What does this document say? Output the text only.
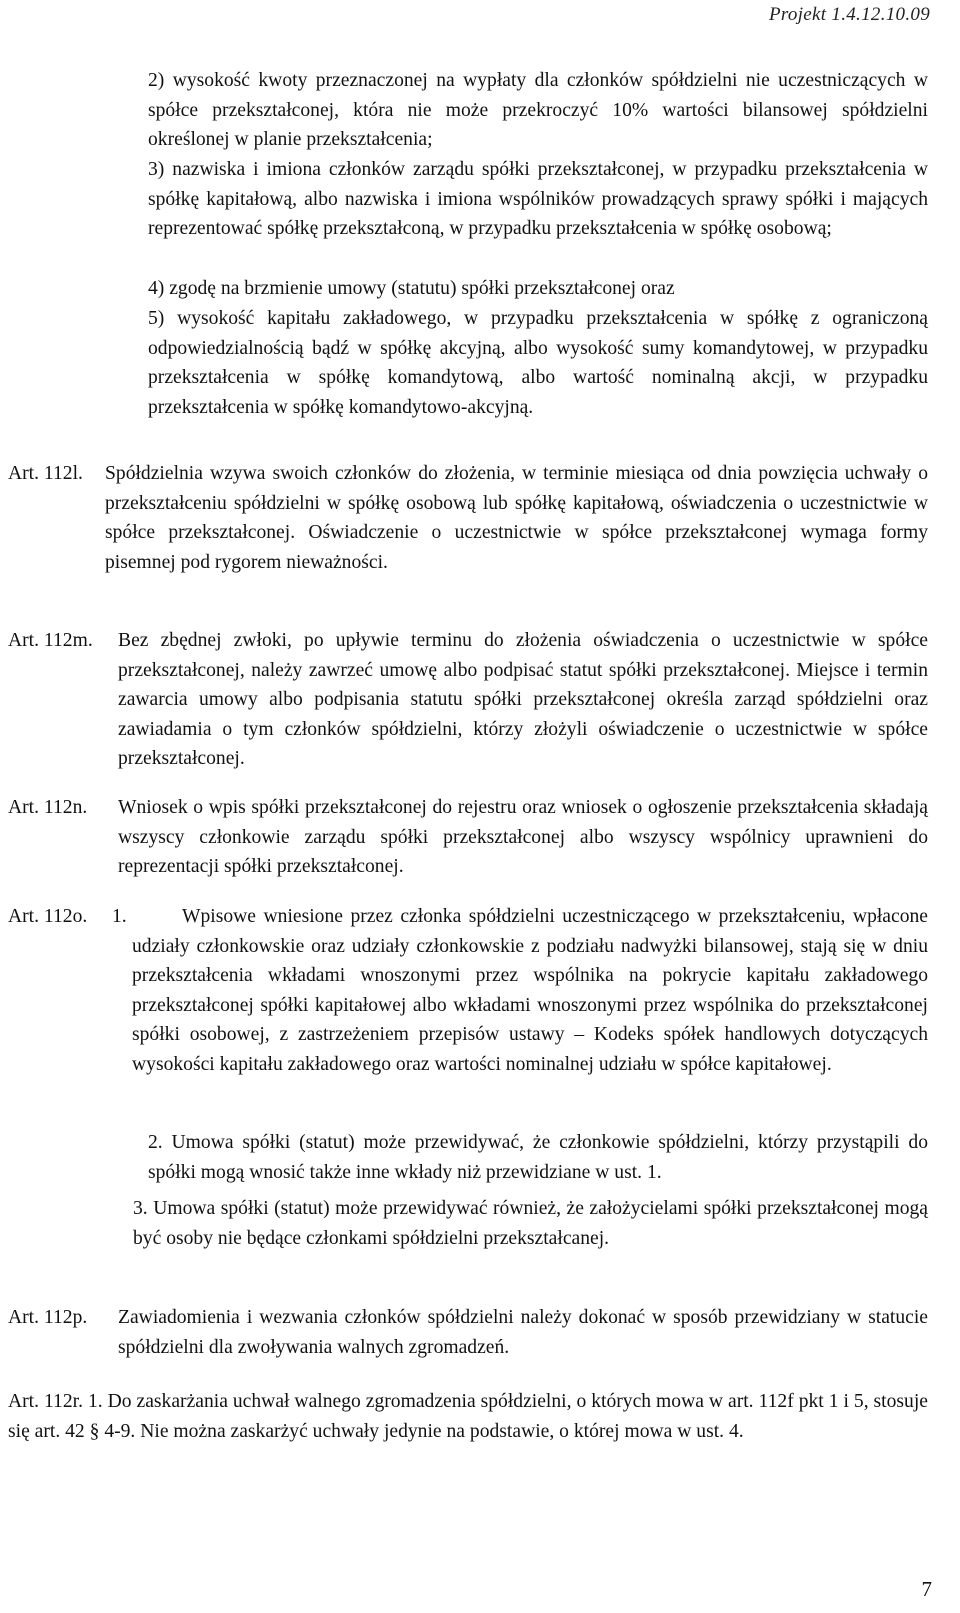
Projekt 1.4.12.10.09

2) wysokość kwoty przeznaczonej na wypłaty dla członków spółdzielni nie uczestniczących w spółce przekształconej, która nie może przekroczyć 10% wartości bilansowej spółdzielni określonej w planie przekształcenia;

3) nazwiska i imiona członków zarządu spółki przekształconej, w przypadku przekształcenia w spółkę kapitałową, albo nazwiska i imiona wspólników prowadzących sprawy spółki i mających reprezentować spółkę przekształconą, w przypadku przekształcenia w spółkę osobową;

4) zgodę na brzmienie umowy (statutu) spółki przekształconej oraz

5) wysokość kapitału zakładowego, w przypadku przekształcenia w spółkę z ograniczoną odpowiedzialnością bądź w spółkę akcyjną, albo wysokość sumy komandytowej, w przypadku przekształcenia w spółkę komandytową, albo wartość nominalną akcji, w przypadku przekształcenia w spółkę komandytowo-akcyjną.

Art. 112l. Spółdzielnia wzywa swoich członków do złożenia, w terminie miesiąca od dnia powzięcia uchwały o przekształceniu spółdzielni w spółkę osobową lub spółkę kapitałową, oświadczenia o uczestnictwie w spółce przekształconej. Oświadczenie o uczestnictwie w spółce przekształconej wymaga formy pisemnej pod rygorem nieważności.

Art. 112m. Bez zbędnej zwłoki, po upływie terminu do złożenia oświadczenia o uczestnictwie w spółce przekształconej, należy zawrzeć umowę albo podpisać statut spółki przekształconej. Miejsce i termin zawarcia umowy albo podpisania statutu spółki przekształconej określa zarząd spółdzielni oraz zawiadamia o tym członków spółdzielni, którzy złożyli oświadczenie o uczestnictwie w spółce przekształconej.

Art. 112n. Wniosek o wpis spółki przekształconej do rejestru oraz wniosek o ogłoszenie przekształcenia składają wszyscy członkowie zarządu spółki przekształconej albo wszyscy wspólnicy uprawnieni do reprezentacji spółki przekształconej.

Art. 112o. 1.	Wpisowe wniesione przez członka spółdzielni uczestniczącego w przekształceniu, wpłacone udziały członkowskie oraz udziały członkowskie z podziału nadwyżki bilansowej, stają się w dniu przekształcenia wkładami wnoszonymi przez wspólnika na pokrycie kapitału zakładowego przekształconej spółki kapitałowej albo wkładami wnoszonymi przez wspólnika do przekształconej spółki osobowej, z zastrzeżeniem przepisów ustawy – Kodeks spółek handlowych dotyczących wysokości kapitału zakładowego oraz wartości nominalnej udziału w spółce kapitałowej.

2. Umowa spółki (statut) może przewidywać, że członkowie spółdzielni, którzy przystąpili do spółki mogą wnosić także inne wkłady niż przewidziane w ust. 1.

3. Umowa spółki (statut) może przewidywać również, że założycielami spółki przekształconej mogą być osoby nie będące członkami spółdzielni przekształcanej.

Art. 112p. Zawiadomienia i wezwania członków spółdzielni należy dokonać w sposób przewidziany w statucie spółdzielni dla zwoływania walnych zgromadzeń.

Art. 112r. 1. Do zaskarżania uchwał walnego zgromadzenia spółdzielni, o których mowa w art. 112f pkt 1 i 5, stosuje się art. 42 § 4-9. Nie można zaskarżyć uchwały jedynie na podstawie, o której mowa w ust. 4.

7
